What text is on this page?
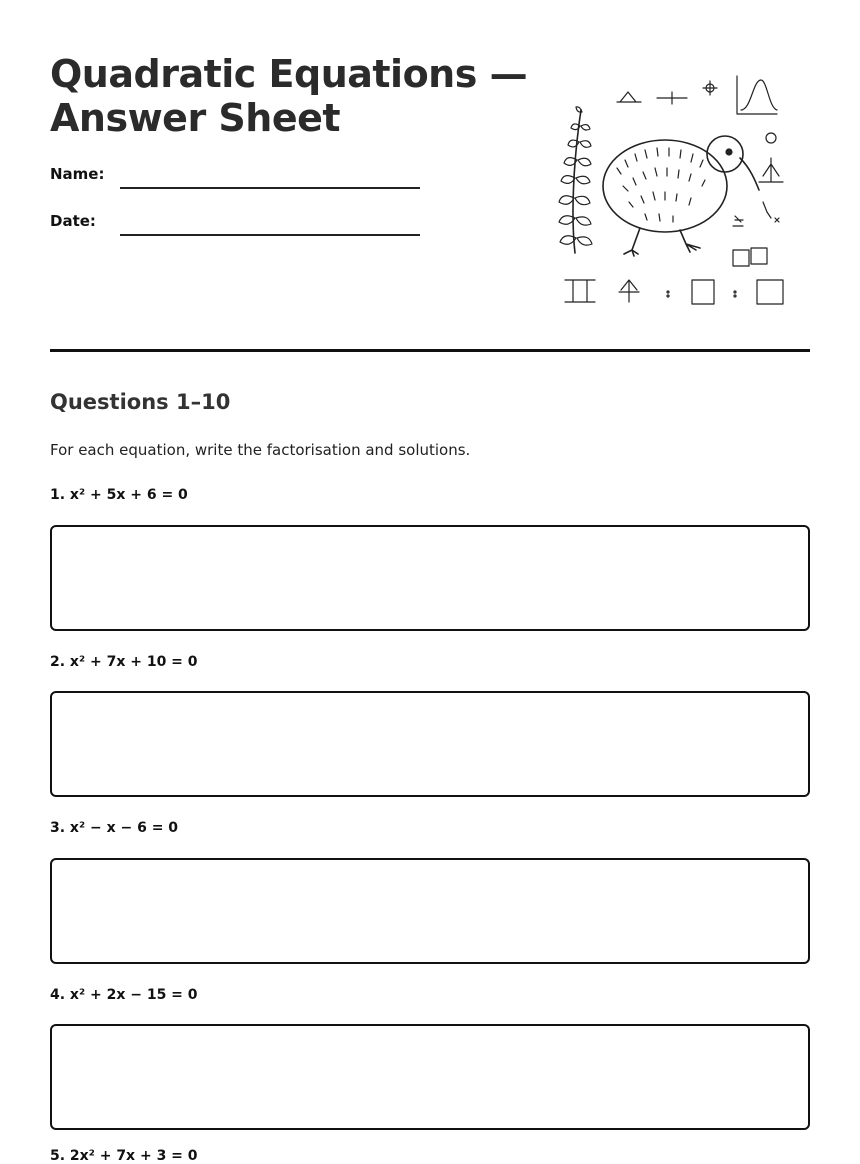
Quadratic Equations —
Answer Sheet
Name:
Date:
Questions 1–10
For each equation, write the factorisation and solutions.
1. x² + 5x + 6 = 0
2. x² + 7x + 10 = 0
3. x² − x − 6 = 0
4. x² + 2x − 15 = 0
5. 2x² + 7x + 3 = 0
